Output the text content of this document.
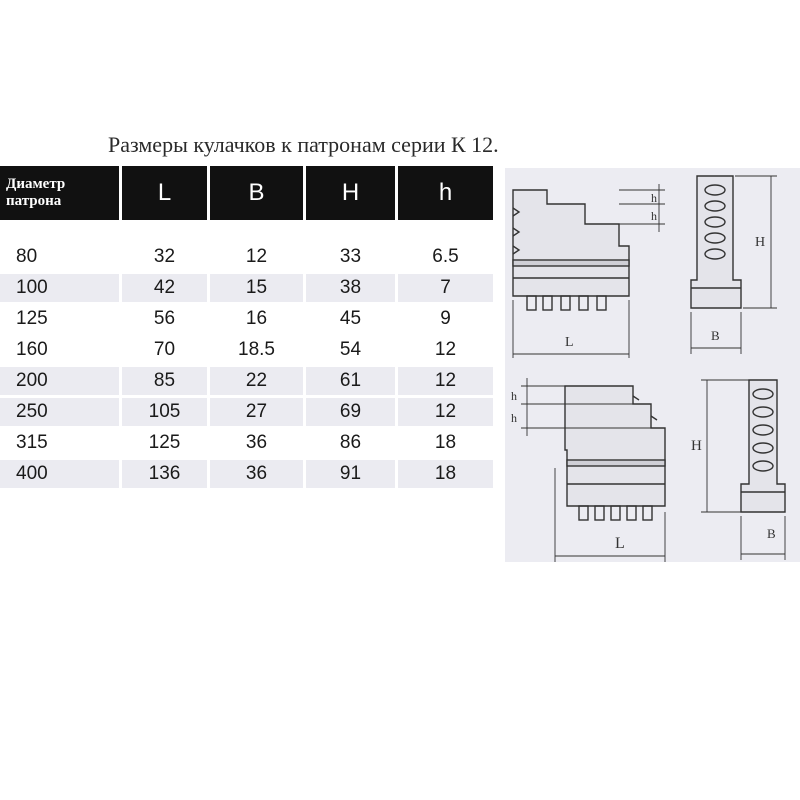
Размеры кулачков к патронам серии К 12.
Диаметр
патрона	L	B	H	h

80	32	12	33	6.5
100	42	15	38	7
125	56	16	45	9
160	70	18.5	54	12
200	85	22	61	12
250	105	27	69	12
315	125	36	86	18
400	136	36	91	18
h
h
L
H
B
h
h
L
H
B
